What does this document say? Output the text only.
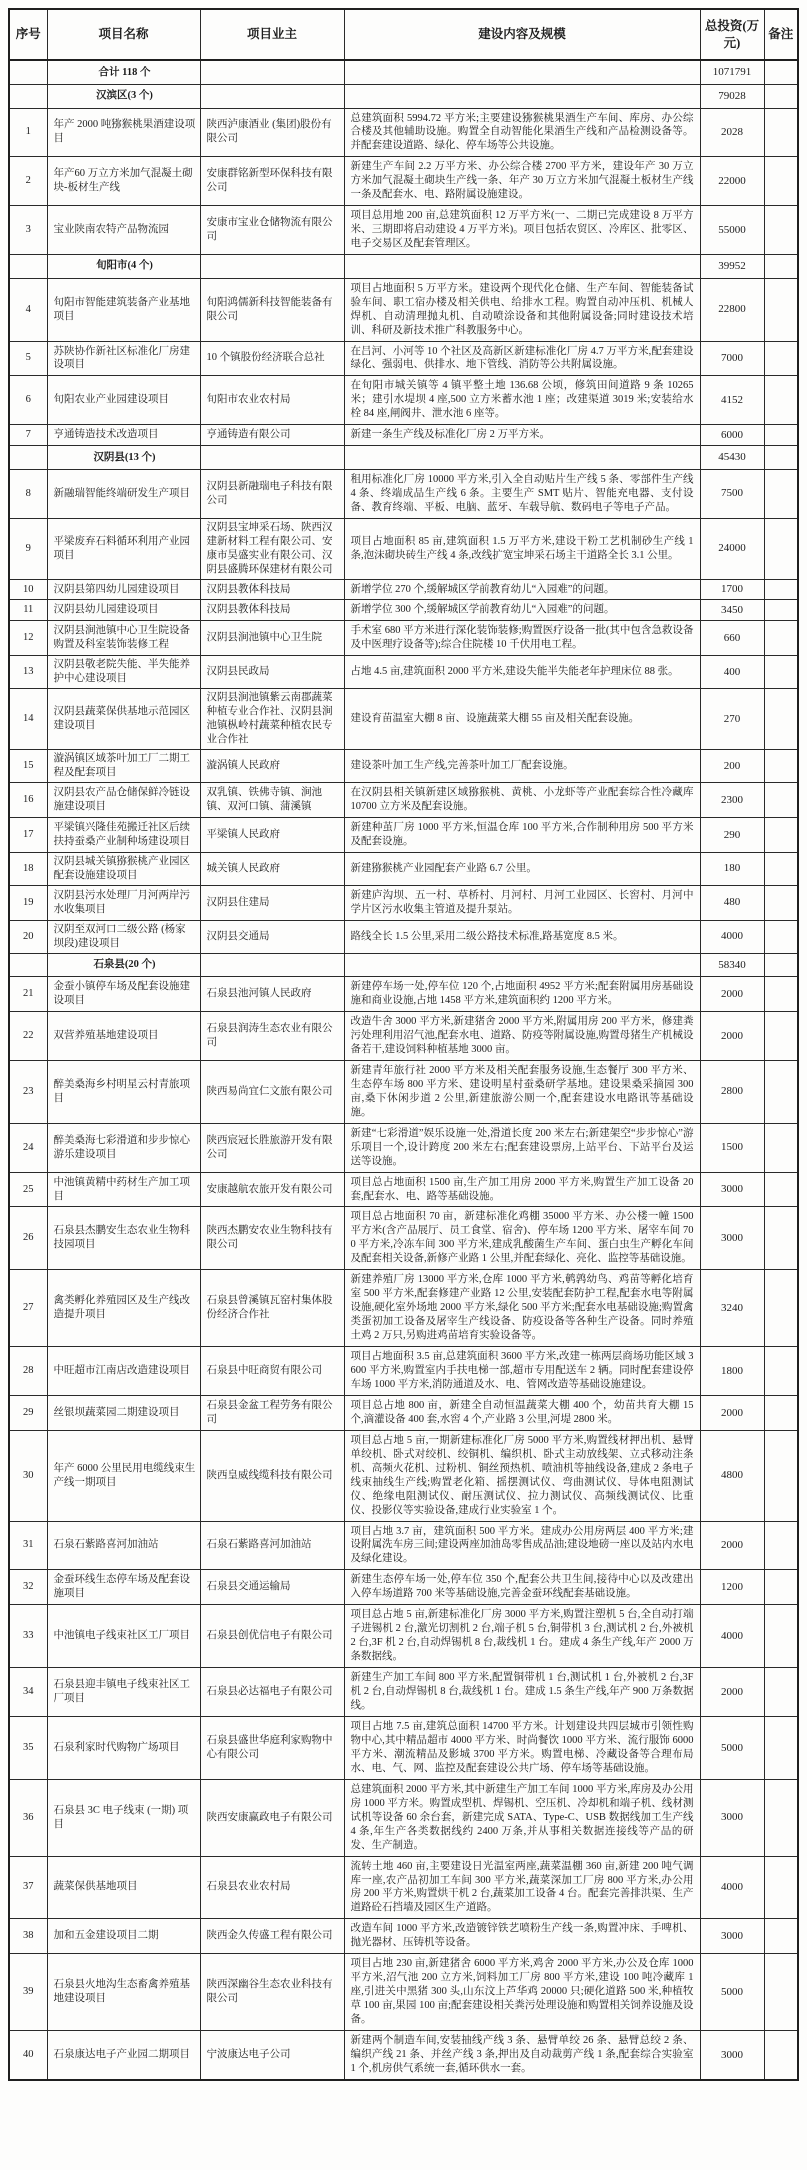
序号	项目名称	项目业主	建设内容及规模	总投资(万元)	备注
	合计 118 个			1071791	
	汉滨区(3 个)			79028	
1	年产 2000 吨猕猴桃果酒建设项目	陕西泸康酒业 (集团)股份有限公司	总建筑面积 5994.72 平方米;主要建设猕猴桃果酒生产车间、库房、办公综合楼及其他辅助设施。购置全自动智能化果酒生产线和产品检测设备等。并配套建设道路、绿化、停车场等公共设施。	2028	
2	年产60 万立方米加气混凝土砌块-板材生产线	安康群铭新型环保科技有限公司	新建生产车间 2.2 万平方米、办公综合楼 2700 平方米，建设年产 30 万立方米加气混凝土砌块生产线一条、年产 30 万立方米加气混凝土板材生产线一条及配套水、电、路附属设施建设。	22000	
3	宝业陕南农特产品物流园	安康市宝业仓储物流有限公司	项目总用地 200 亩,总建筑面积 12 万平方米(一、二期已完成建设 8 万平方米、三期即将启动建设 4 万平方米)。项目包括农贸区、冷库区、批零区、电子交易区及配套管理区。	55000	
	旬阳市(4 个)			39952	
4	旬阳市智能建筑装备产业基地项目	旬阳鸿儒新科技智能装备有限公司	项目占地面积 5 万平方米。建设两个现代化仓储、生产车间、智能装备试验车间、职工宿办楼及相关供电、给排水工程。购置自动冲压机、机械人焊机、自动清理抛丸机、自动喷涂设备和其他附属设备;同时建设技术培训、科研及新技术推广科教服务中心。	22800	
5	苏陕协作新社区标准化厂房建设项目	10 个镇股份经济联合总社	在吕河、小河等 10 个社区及高新区新建标准化厂房 4.7 万平方米,配套建设绿化、强弱电、供排水、地下管线、消防等公共附属设施。	7000	
6	旬阳农业产业园建设项目	旬阳市农业农村局	在旬阳市城关镇等 4 镇平整土地 136.68 公顷，修筑田间道路 9 条 10265 米；建引水堤坝 4 座,500 立方米蓄水池 1 座；改建渠道 3019 米;安装给水栓 84 座,闸阀井、泄水池 6 座等。	4152	
7	亨通铸造技术改造项目	亨通铸造有限公司	新建一条生产线及标准化厂房 2 万平方米。	6000	
	汉阴县(13 个)			45430	
8	新融瑞智能终端研发生产项目	汉阴县新融瑞电子科技有限公司	租用标准化厂房 10000 平方米,引入全自动贴片生产线 5 条、零部件生产线 4 条、终端成品生产线 6 条。主要生产 SMT 贴片、智能充电器、支付设备、教育终端、平板、电脑、蓝牙、车载导航、数码电子等电子产品。	7500	
9	平梁废弃石料循环利用产业园项目	汉阴县宝坤采石场、陕西汉建新材料工程有限公司、安康市昊盛实业有限公司、汉阴县盛腾环保建材有限公司	项目占地面积 85 亩,建筑面积 1.5 万平方米,建设干粉工艺机制砂生产线 1 条,泡沫砌块砖生产线 4 条,改线扩宽宝坤采石场主干道路全长 3.1 公里。	24000	
10	汉阴县第四幼儿园建设项目	汉阴县教体科技局	新增学位 270 个,缓解城区学前教育幼儿“入园难”的问题。	1700	
11	汉阴县幼儿园建设项目	汉阴县教体科技局	新增学位 300 个,缓解城区学前教育幼儿“入园难”的问题。	3450	
12	汉阴县涧池镇中心卫生院设备购置及科室装饰装修工程	汉阴县涧池镇中心卫生院	手术室 680 平方米进行深化装饰装修;购置医疗设备一批(其中包含急救设备及中医理疗设备等);综合住院楼 10 千伏用电工程。	660	
13	汉阴县敬老院失能、半失能养护中心建设项目	汉阴县民政局	占地 4.5 亩,建筑面积 2000 平方米,建设失能半失能老年护理床位 88 张。	400	
14	汉阴县蔬菜保供基地示范园区建设项目	汉阴县涧池镇紫云南郡蔬菜种植专业合作社、汉阴县涧池镇枞岭村蔬菜种植农民专业合作社	建设育苗温室大棚 8 亩、设施蔬菜大棚 55 亩及相关配套设施。	270	
15	漩涡镇区域茶叶加工厂二期工程及配套项目	漩涡镇人民政府	建设茶叶加工生产线,完善茶叶加工厂配套设施。	200	
16	汉阴县农产品仓储保鲜冷链设施建设项目	双乳镇、铁佛寺镇、涧池镇、双河口镇、蒲溪镇	在汉阴县相关镇新建区域猕猴桃、黄桃、小龙虾等产业配套综合性冷藏库 10700 立方米及配套设施。	2300	
17	平梁镇兴隆佳苑搬迁社区后续扶持蚕桑产业制种场建设项目	平梁镇人民政府	新建种茧厂房 1000 平方米,恒温仓库 100 平方米,合作制种用房 500 平方米及配套设施。	290	
18	汉阴县城关镇猕猴桃产业园区配套设施建设项目	城关镇人民政府	新建猕猴桃产业园配套产业路 6.7 公里。	180	
19	汉阴县污水处理厂月河两岸污水收集项目	汉阴县住建局	新建庐沟坝、五一村、草桥村、月河村、月河工业园区、长窖村、月河中学片区污水收集主管道及提升泵站。	480	
20	汉阴至双河口二级公路 (杨家坝段)建设项目	汉阴县交通局	路线全长 1.5 公里,采用二级公路技术标准,路基宽度 8.5 米。	4000	
	石泉县(20 个)			58340	
21	金蚕小镇停车场及配套设施建设项目	石泉县池河镇人民政府	新建停车场一处,停车位 120 个,占地面积 4952 平方米;配套附属用房基础设施和商业设施,占地 1458 平方米,建筑面积约 1200 平方米。	2000	
22	双营养殖基地建设项目	石泉县润涛生态农业有限公司	改造牛舍 3000 平方米,新建猪舍 2000 平方米,附属用房 200 平方米，修建粪污处理利用沼气池,配套水电、道路、防疫等附属设施,购置母猪生产机械设备若干,建设饲料种植基地 3000 亩。	2000	
23	醉美桑海乡村明星云村青旅项目	陕西易尚宜仁文旅有限公司	新建青年旅行社 2000 平方米及相关配套服务设施,生态餐厅 300 平方米、生态停车场 800 平方米、建设明星村蚕桑研学基地。建设果桑采摘园 300 亩,桑下休闲步道 2 公里,新建旅游公厕一个,配套建设水电路讯等基础设施。	2800	
24	醉美桑海七彩滑道和步步惊心游乐建设项目	陕西宸冠长胜旅游开发有限公司	新建“七彩滑道”娱乐设施一处,滑道长度 200 米左右;新建架空“步步惊心”游乐项目一个,设计跨度 200 米左右;配套建设票房,上站平台、下站平台及运送等设施。	1500	
25	中池镇黄精中药材生产加工项目	安康越航农旅开发有限公司	项目总占地面积 1500 亩,生产加工用房 2000 平方米,购置生产加工设备 20 套,配套水、电、路等基础设施。	3000	
26	石泉县杰鹏安生态农业生物科技园项目	陕西杰鹏安农业生物科技有限公司	项目总占地面积 70 亩，新建标准化鸡棚 35000 平方米、办公楼一幢 1500 平方米(含产品展厅、员工食堂、宿舍)、停车场 1200 平方米、屠宰车间 700 平方米,冷冻车间 300 平方米,建成乳酸菌生产车间、蛋白虫生产孵化车间及配套相关设备,新修产业路 1 公里,并配套绿化、亮化、监控等基础设施。	3000	
27	禽类孵化养殖园区及生产线改造提升项目	石泉县曾溪镇瓦窑村集体股份经济合作社	新建养殖厂房 13000 平方米,仓库 1000 平方米,鹌鹑幼鸟、鸡苗等孵化培育室 500 平方米,配套修建产业路 12 公里,安装配套防护工程,配套水电等附属设施,硬化室外场地 2000 平方米,绿化 500 平方米;配套水电基础设施;购置禽类蛋初加工设备及屠宰生产线设备、防疫设备等各种生产设备。同时养殖土鸡 2 万只,另购进鸡苗培育实验设备等。	3240	
28	中旺超市江南店改造建设项目	石泉县中旺商贸有限公司	项目占地面积 3.5 亩,总建筑面积 3600 平方米,改建一栋两层商场功能区域 3600 平方米,购置室内手扶电梯一部,超市专用配送车 2 辆。同时配套建设停车场 1000 平方米,消防通道及水、电、管网改造等基础设施建设。	1800	
29	丝银坝蔬菜园二期建设项目	石泉县金盆工程劳务有限公司	项目总占地 800 亩，新建全自动恒温蔬菜大棚 400 个，幼苗共育大棚 15 个,滴灌设备 400 套,水窖 4 个,产业路 3 公里,河堤 2800 米。	2000	
30	年产 6000 公里民用电缆线束生产线一期项目	陕西皇威线缆科技有限公司	项目总占地 5 亩,一期新建标准化厂房 5000 平方米,购置线材押出机、悬臂单绞机、卧式对绞机、绞铜机、编织机、卧式主动放线架、立式移动注条机、高频火花机、过粉机、铜丝预热机、喷油机等抽线设备,建成 2 条电子线束抽线生产线;购置老化箱、摇摆测试仪、弯曲测试仪、导体电阻测试仪、绝缘电阻测试仪、耐压测试仪、拉力测试仪、高频线测试仪、比重仪、投影仪等实验设备,建成行业实验室 1 个。	4800	
31	石泉石紫路喜河加油站	石泉石紫路喜河加油站	项目占地 3.7 亩，建筑面积 500 平方米。建成办公用房两层 400 平方米;建设附属洗车房三间;建设两座加油岛零售成品油;建设地磅一座以及站内水电及绿化建设。	2000	
32	金蚕环线生态停车场及配套设施项目	石泉县交通运输局	新建生态停车场一处,停车位 350 个,配套公共卫生间,接待中心以及改建出入停车场道路 700 米等基础设施,完善金蚕环线配套基础设施。	1200	
33	中池镇电子线束社区工厂项目	石泉县创优信电子有限公司	项目总占地 5 亩,新建标准化厂房 3000 平方米,购置注塑机 5 台,全自动打端子进锡机 2 台,激光切割机 2 台,端子机 5 台,铜带机 3 台,测试机 2 台,外被机 2 台,3F 机 2 台,自动焊锡机 8 台,裁线机 1 台。建成 4 条生产线,年产 2000 万条数据线。	4000	
34	石泉县迎丰镇电子线束社区工厂项目	石泉县必达福电子有限公司	新建生产加工车间 800 平方米,配置铜带机 1 台,测试机 1 台,外被机 2 台,3F 机 2 台,自动焊锡机 8 台,裁线机 1 台。建成 1.5 条生产线,年产 900 万条数据线。	2000	
35	石泉利家时代购物广场项目	石泉县盛世华庭利家购物中心有限公司	项目占地 7.5 亩,建筑总面积 14700 平方米。计划建设共四层城市引领性购物中心,其中精品超市 4000 平方米、时尚餐饮 1000 平方米、流行服饰 6000 平方米、潮流精品及影城 3700 平方米。购置电梯、冷藏设备等合理布局水、电、气、网、监控及配套建设公共广场、停车场等基础设施。	5000	
36	石泉县 3C 电子线束 (一期) 项目	陕西安康赢政电子有限公司	总建筑面积 2000 平方米,其中新建生产加工车间 1000 平方米,库房及办公用房 1000 平方米。购置成型机、焊锡机、空压机、冷却机和端子机、线材测试机等设备 60 余台套，新建完成 SATA、Type-C、USB 数据线加工生产线 4 条,年生产各类数据线约 2400 万条,并从事相关数据连接线等产品的研发、生产制造。	3000	
37	蔬菜保供基地项目	石泉县农业农村局	流转土地 460 亩,主要建设日光温室两座,蔬菜温棚 360 亩,新建 200 吨气调库一座,农产品初加工车间 300 平方米,蔬菜深加工厂房 800 平方米,办公用房 200 平方米,购置烘干机 2 台,蔬菜加工设备 4 台。配套完善排洪渠、生产道路砼石挡墙及园区生产道路。	4000	
38	加和五金建设项目二期	陕西金久传盛工程有限公司	改造车间 1000 平方米,改造镀锌铁艺喷粉生产线一条,购置冲床、手啤机、抛光器材、压铸机等设备。	3000	
39	石泉县火地沟生态畜禽养殖基地建设项目	陕西深幽谷生态农业科技有限公司	项目占地 230 亩,新建猪舍 6000 平方米,鸡舍 2000 平方米,办公及仓库 1000 平方米,沼气池 200 立方米,饲料加工厂房 800 平方米,建设 100 吨冷藏库 1 座,引进关中黑猪 300 头,山东汶上芦华鸡 20000 只;硬化道路 500 米,种植牧草 100 亩,果园 100 亩;配套建设相关粪污处理设施和购置相关饲养设施及设备。	5000	
40	石泉康达电子产业园二期项目	宁波康达电子公司	新建两个制造车间,安装抽线产线 3 条、悬臂单绞 26 条、悬臂总绞 2 条、编织产线 21 条、并丝产线 3 条,押出及自动裁剪产线 1 条,配套综合实验室 1 个,机房供气系统一套,循环供水一套。	3000	
